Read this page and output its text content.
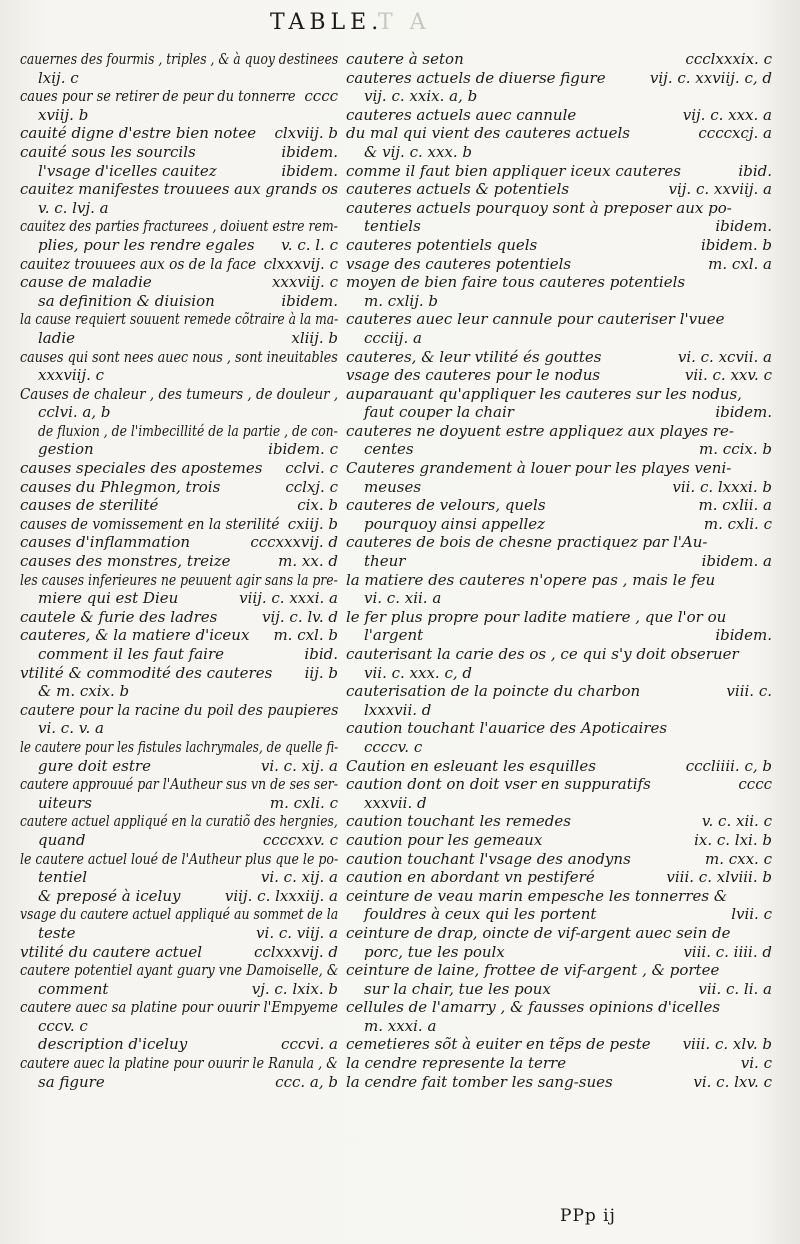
TABLE.
T A
cauernes des fourmis , triples , & à quoy destinees
lxij. c
caues pour se retirer de peur du tonnerre cccc
xviij. b
cauité digne d'estre bien notee clxviij. b
cauité sous les sourcils	ibidem.
l'vsage d'icelles cauitez	ibidem.
cauitez manifestes trouuees aux grands os
v. c. lvj. a
cauitez des parties fracturees , doiuent estre rem-
plies, pour les rendre egales v. c. l. c
cauitez trouuees aux os de la face clxxxvij. c
cause de maladie	xxxviij. c
sa definition & diuision	ibidem.
la cause requiert souuent remede cõtraire à la ma-
ladie	xliij. b
causes qui sont nees auec nous , sont ineuitables
xxxviij. c
Causes de chaleur , des tumeurs , de douleur ,
cclvi. a, b
de fluxion , de l'imbecillité de la partie , de con-
gestion	ibidem. c
causes speciales des apostemes cclvi. c
causes du Phlegmon, trois	cclxj. c
causes de sterilité	cix. b
causes de vomissement en la sterilité cxiij. b
causes d'inflammation	cccxxxvij. d
causes des monstres, treize	m. xx. d
les causes inferieures ne peuuent agir sans la pre-
miere qui est Dieu	viij. c. xxxi. a
cautele & furie des ladres	vij. c. lv. d
cauteres, & la matiere d'iceux m. cxl. b
comment il les faut faire	ibid.
vtilité & commodité des cauteres iij. b
& m. cxix. b
cautere pour la racine du poil des paupieres
vi. c. v. a
le cautere pour les fistules lachrymales, de quelle fi-
gure doit estre	vi. c. xij. a
cautere approuué par l'Autheur sus vn de ses ser-
uiteurs	m. cxli. c
cautere actuel appliqué en la curatiõ des hergnies,
quand	ccccxxv. c
le cautere actuel loué de l'Autheur plus que le po-
tentiel	vi. c. xij. a
& preposé à iceluy	viij. c. lxxxiij. a
vsage du cautere actuel appliqué au sommet de la
teste	vi. c. viij. a
vtilité du cautere actuel	cclxxxvij. d
cautere potentiel ayant guary vne Damoiselle, &
comment	vj. c. lxix. b
cautere auec sa platine pour ouurir l'Empyeme
cccv. c
description d'iceluy	cccvi. a
cautere auec la platine pour ouurir le Ranula , &
sa figure	ccc. a, b
cautere à seton	ccclxxxix. c
cauteres actuels de diuerse figure	vij. c. xxviij. c, d
vij. c. xxix. a, b
cauteres actuels auec cannule	vij. c. xxx. a
du mal qui vient des cauteres actuels	ccccxcj. a
& vij. c. xxx. b
comme il faut bien appliquer iceux cauteres	ibid.
cauteres actuels & potentiels	vij. c. xxviij. a
cauteres actuels pourquoy sont à preposer aux po-
tentiels	ibidem.
cauteres potentiels quels	ibidem. b
vsage des cauteres potentiels	m. cxl. a
moyen de bien faire tous cauteres potentiels
m. cxlij. b
cauteres auec leur cannule pour cauteriser l'vuee
ccciij. a
cauteres, & leur vtilité és gouttes	vi. c. xcvii. a
vsage des cauteres pour le nodus	vii. c. xxv. c
auparauant qu'appliquer les cauteres sur les nodus,
faut couper la chair	ibidem.
cauteres ne doyuent estre appliquez aux playes re-
centes	m. ccix. b
Cauteres grandement à louer pour les playes veni-
meuses	vii. c. lxxxi. b
cauteres de velours, quels	m. cxlii. a
pourquoy ainsi appellez	m. cxli. c
cauteres de bois de chesne practiquez par l'Au-
theur	ibidem. a
la matiere des cauteres n'opere pas , mais le feu
vi. c. xii. a
le fer plus propre pour ladite matiere , que l'or ou
l'argent	ibidem.
cauterisant la carie des os , ce qui s'y doit obseruer
vii. c. xxx. c, d
cauterisation de la poincte du charbon	viii. c.
lxxxvii. d
caution touchant l'auarice des Apoticaires
ccccv. c
Caution en esleuant les esquilles	cccliiii. c, b
caution dont on doit vser en suppuratifs	cccc
xxxvii. d
caution touchant les remedes	v. c. xii. c
caution pour les gemeaux	ix. c. lxi. b
caution touchant l'vsage des anodyns	m. cxx. c
caution en abordant vn pestiferé	viii. c. xlviii. b
ceinture de veau marin empesche les tonnerres &
fouldres à ceux qui les portent	lvii. c
ceinture de drap, oincte de vif-argent auec sein de
porc, tue les poulx	viii. c. iiii. d
ceinture de laine, frottee de vif-argent , & portee
sur la chair, tue les poux	vii. c. li. a
cellules de l'amarry , & fausses opinions d'icelles
m. xxxi. a
cemetieres sõt à euiter en tẽps de peste viii. c. xlv. b
la cendre represente la terre	vi. c
la cendre fait tomber les sang-sues	vi. c. lxv. c
PPp ij
